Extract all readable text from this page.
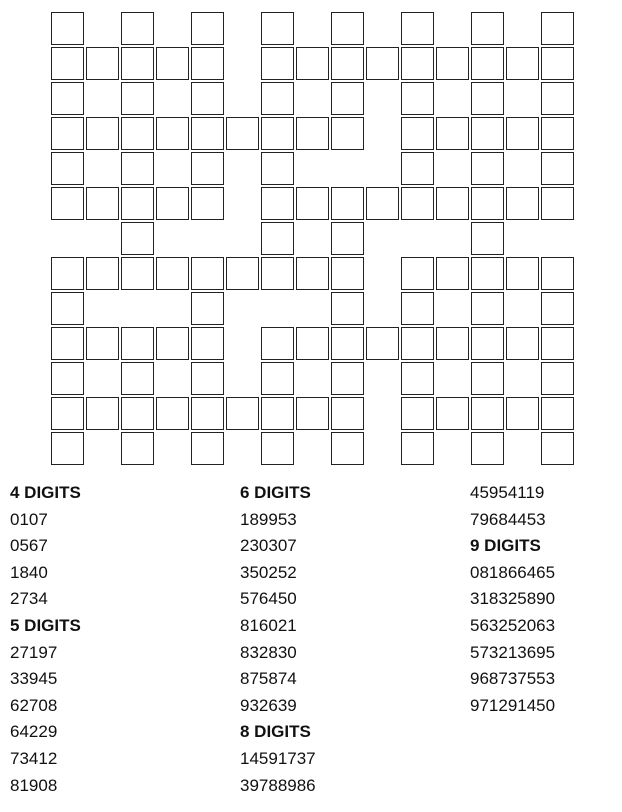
4 DIGITS
0107
0567
1840
2734
5 DIGITS
27197
33945
62708
64229
73412
81908
6 DIGITS
189953
230307
350252
576450
816021
832830
875874
932639
8 DIGITS
14591737
39788986
45954119
79684453
9 DIGITS
081866465
318325890
563252063
573213695
968737553
971291450
